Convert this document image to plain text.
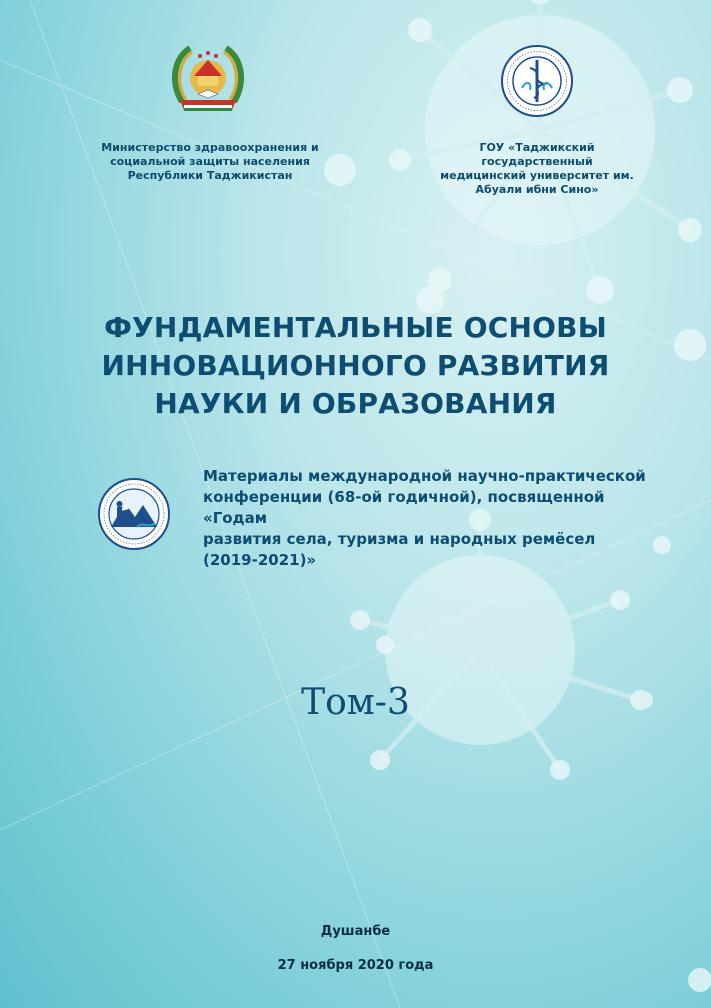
Министерство здравоохранения и
социальной защиты населения
Республики Таджикистан
ГОУ «Таджикский государственный
медицинский университет им.
Абуали ибни Сино»
ФУНДАМЕНТАЛЬНЫЕ ОСНОВЫ
ИННОВАЦИОННОГО РАЗВИТИЯ
НАУКИ И ОБРАЗОВАНИЯ
Материалы международной научно-практической
конференции (68-ой годичной), посвященной «Годам
развития села, туризма и народных ремёсел
(2019-2021)»
Том-3
Душанбе
27 ноября 2020 года
